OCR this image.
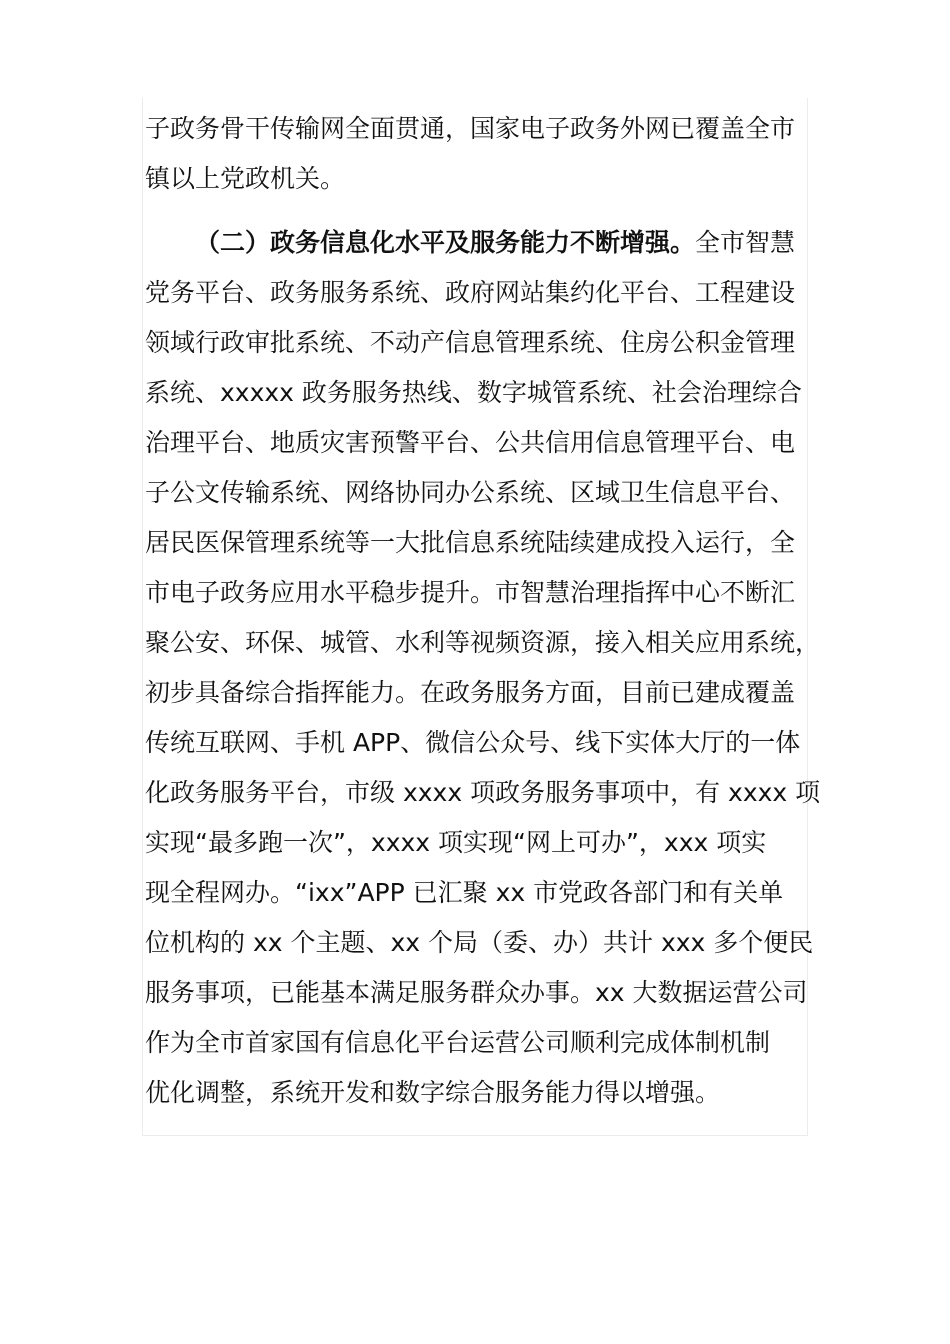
子政务骨干传输网全面贯通，国家电子政务外网已覆盖全市
镇以上党政机关。
（二）政务信息化水平及服务能力不断增强。全市智慧
党务平台、政务服务系统、政府网站集约化平台、工程建设
领域行政审批系统、不动产信息管理系统、住房公积金管理
系统、xxxxx 政务服务热线、数字城管系统、社会治理综合
治理平台、地质灾害预警平台、公共信用信息管理平台、电
子公文传输系统、网络协同办公系统、区域卫生信息平台、
居民医保管理系统等一大批信息系统陆续建成投入运行，全
市电子政务应用水平稳步提升。市智慧治理指挥中心不断汇
聚公安、环保、城管、水利等视频资源，接入相关应用系统，
初步具备综合指挥能力。在政务服务方面，目前已建成覆盖
传统互联网、手机 APP、微信公众号、线下实体大厅的一体
化政务服务平台，市级 xxxx 项政务服务事项中，有 xxxx 项
实现“最多跑一次”，xxxx 项实现“网上可办”，xxx 项实
现全程网办。“ixx”APP 已汇聚 xx 市党政各部门和有关单
位机构的 xx 个主题、xx 个局（委、办）共计 xxx 多个便民
服务事项，已能基本满足服务群众办事。xx 大数据运营公司
作为全市首家国有信息化平台运营公司顺利完成体制机制
优化调整，系统开发和数字综合服务能力得以增强。
